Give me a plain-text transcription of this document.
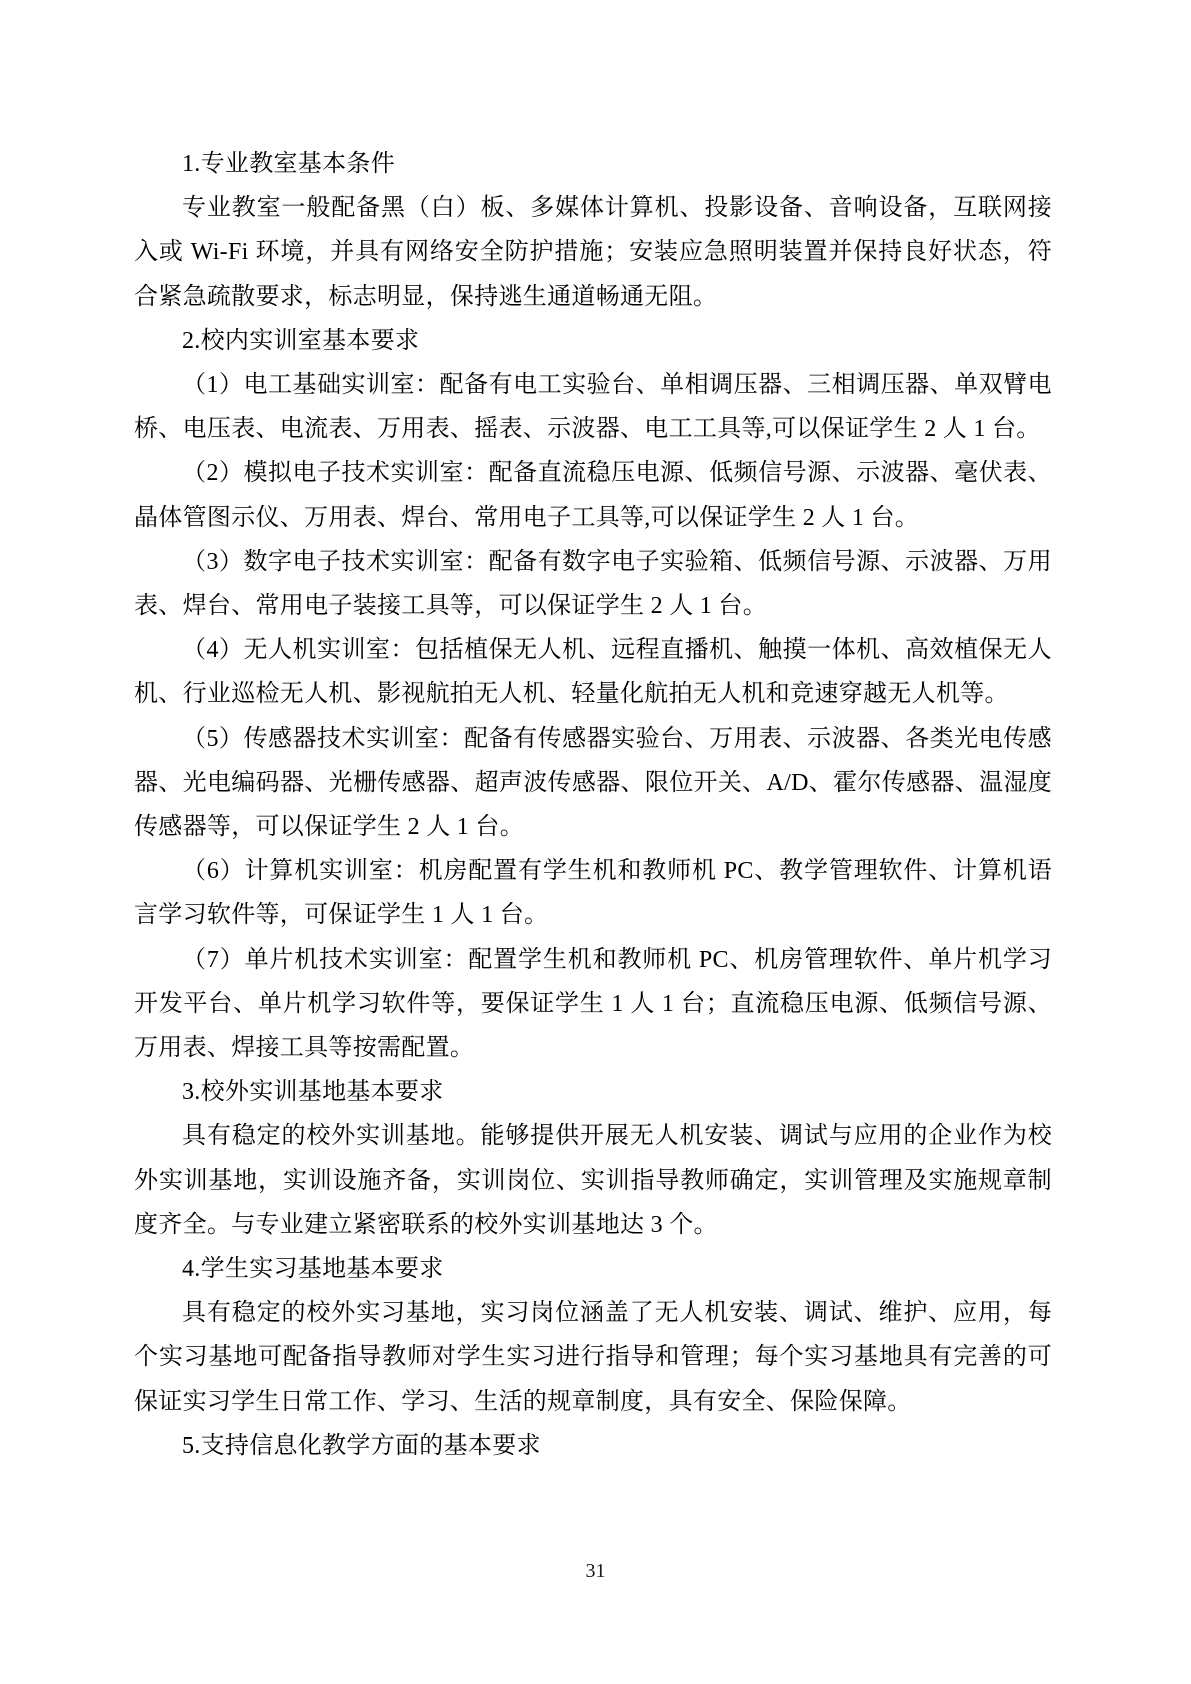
1.专业教室基本条件

专业教室一般配备黑（白）板、多媒体计算机、投影设备、音响设备，互联网接入或 Wi-Fi 环境，并具有网络安全防护措施；安装应急照明装置并保持良好状态，符合紧急疏散要求，标志明显，保持逃生通道畅通无阻。

2.校内实训室基本要求

（1）电工基础实训室：配备有电工实验台、单相调压器、三相调压器、单双臂电桥、电压表、电流表、万用表、摇表、示波器、电工工具等,可以保证学生 2 人 1 台。

（2）模拟电子技术实训室：配备直流稳压电源、低频信号源、示波器、毫伏表、晶体管图示仪、万用表、焊台、常用电子工具等,可以保证学生 2 人 1 台。

（3）数字电子技术实训室：配备有数字电子实验箱、低频信号源、示波器、万用表、焊台、常用电子装接工具等，可以保证学生 2 人 1 台。

（4）无人机实训室：包括植保无人机、远程直播机、触摸一体机、高效植保无人机、行业巡检无人机、影视航拍无人机、轻量化航拍无人机和竞速穿越无人机等。

（5）传感器技术实训室：配备有传感器实验台、万用表、示波器、各类光电传感器、光电编码器、光栅传感器、超声波传感器、限位开关、A/D、霍尔传感器、温湿度传感器等，可以保证学生 2 人 1 台。

（6）计算机实训室：机房配置有学生机和教师机 PC、教学管理软件、计算机语言学习软件等，可保证学生 1 人 1 台。

（7）单片机技术实训室：配置学生机和教师机 PC、机房管理软件、单片机学习开发平台、单片机学习软件等，要保证学生 1 人 1 台；直流稳压电源、低频信号源、万用表、焊接工具等按需配置。

3.校外实训基地基本要求

具有稳定的校外实训基地。能够提供开展无人机安装、调试与应用的企业作为校外实训基地，实训设施齐备，实训岗位、实训指导教师确定，实训管理及实施规章制度齐全。与专业建立紧密联系的校外实训基地达 3 个。

4.学生实习基地基本要求

具有稳定的校外实习基地，实习岗位涵盖了无人机安装、调试、维护、应用，每个实习基地可配备指导教师对学生实习进行指导和管理；每个实习基地具有完善的可保证实习学生日常工作、学习、生活的规章制度，具有安全、保险保障。

5.支持信息化教学方面的基本要求

31
